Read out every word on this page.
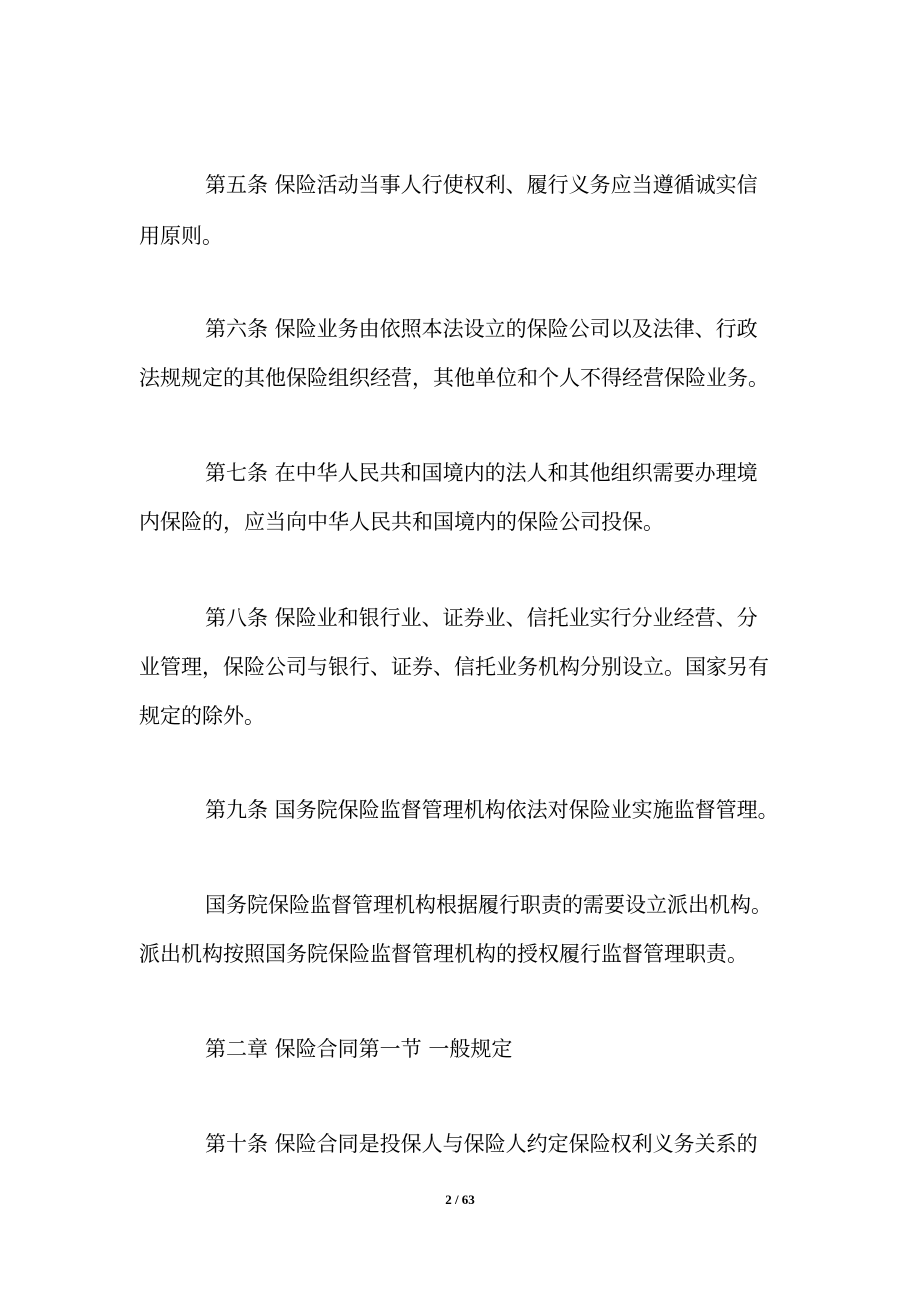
第五条 保险活动当事人行使权利、履行义务应当遵循诚实信

用原则。

第六条 保险业务由依照本法设立的保险公司以及法律、行政

法规规定的其他保险组织经营，其他单位和个人不得经营保险业务。

第七条 在中华人民共和国境内的法人和其他组织需要办理境

内保险的，应当向中华人民共和国境内的保险公司投保。

第八条 保险业和银行业、证券业、信托业实行分业经营、分

业管理，保险公司与银行、证券、信托业务机构分别设立。国家另有

规定的除外。

第九条 国务院保险监督管理机构依法对保险业实施监督管理。

国务院保险监督管理机构根据履行职责的需要设立派出机构。

派出机构按照国务院保险监督管理机构的授权履行监督管理职责。

第二章 保险合同第一节 一般规定

第十条 保险合同是投保人与保险人约定保险权利义务关系的

2 / 63
